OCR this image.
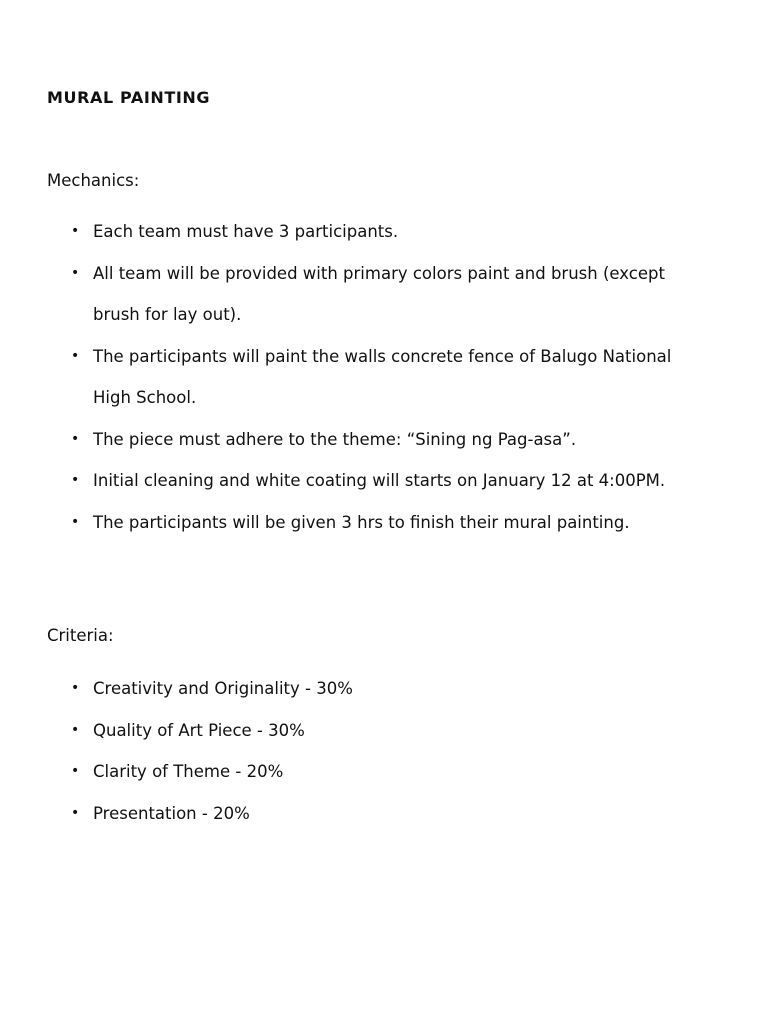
MURAL PAINTING

Mechanics:

• Each team must have 3 participants.
• All team will be provided with primary colors paint and brush (except brush for lay out).
• The participants will paint the walls concrete fence of Balugo National High School.
• The piece must adhere to the theme: “Sining ng Pag-asa”.
• Initial cleaning and white coating will starts on January 12 at 4:00PM.
• The participants will be given 3 hrs to finish their mural painting.

Criteria:

• Creativity and Originality - 30%
• Quality of Art Piece - 30%
• Clarity of Theme - 20%
• Presentation - 20%
